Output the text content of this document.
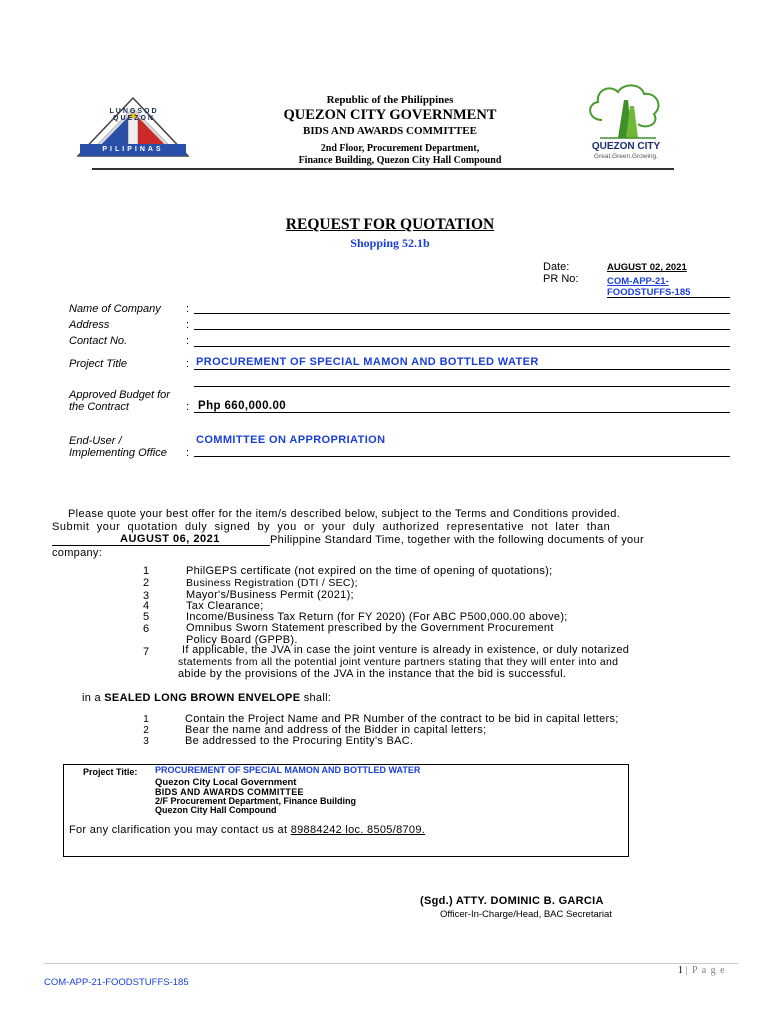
LUNGSOD QUEZON
PILIPINAS
Republic of the Philippines
QUEZON CITY GOVERNMENT
BIDS AND AWARDS COMMITTEE
2nd Floor, Procurement Department,
Finance Building, Quezon City Hall Compound
QUEZON CITY
Great.Green.Growing.
REQUEST FOR QUOTATION
Shopping 52.1b
Date:	AUGUST 02, 2021
PR No:	COM-APP-21-
FOODSTUFFS-185
Name of Company :
Address	:
Contact No.	:
Project Title	: PROCUREMENT OF SPECIAL MAMON AND BOTTLED WATER
Approved Budget for
the Contract	: Php 660,000.00
End-User /
Implementing Office :
COMMITTEE ON APPROPRIATION
Please quote your best offer for the item/s described below, subject to the Terms and Conditions provided.
Submit  your  quotation  duly  signed  by  you  or  your  duly  authorized  representative  not  later  than
AUGUST 06, 2021	Philippine Standard Time, together with the following documents of your
company:
1	PhilGEPS certificate (not expired on the time of opening of quotations);
2	Business Registration (DTI / SEC);
3	Mayor's/Business Permit (2021);
4	Tax Clearance;
5	Income/Business Tax Return (for FY 2020) (For ABC P500,000.00 above);
6	Omnibus Sworn Statement prescribed by the Government Procurement
Policy Board (GPPB).
7	If applicable, the JVA in case the joint venture is already in existence, or duly notarized
statements from all the potential joint venture partners stating that they will enter into and
abide by the provisions of the JVA in the instance that the bid is successful.
in a SEALED LONG BROWN ENVELOPE shall:
1	Contain the Project Name and PR Number of the contract to be bid in capital letters;
2	Bear the name and address of the Bidder in capital letters;
3	Be addressed to the Procuring Entity's BAC.
Project Title: PROCUREMENT OF SPECIAL MAMON AND BOTTLED WATER
Quezon City Local Government
BIDS AND AWARDS COMMITTEE
2/F Procurement Department, Finance Building
Quezon City Hall Compound
For any clarification you may contact us at 89884242 loc. 8505/8709.
(Sgd.) ATTY. DOMINIC B. GARCIA
Officer-In-Charge/Head, BAC Secretariat
1 | P a g e
COM-APP-21-FOODSTUFFS-185
